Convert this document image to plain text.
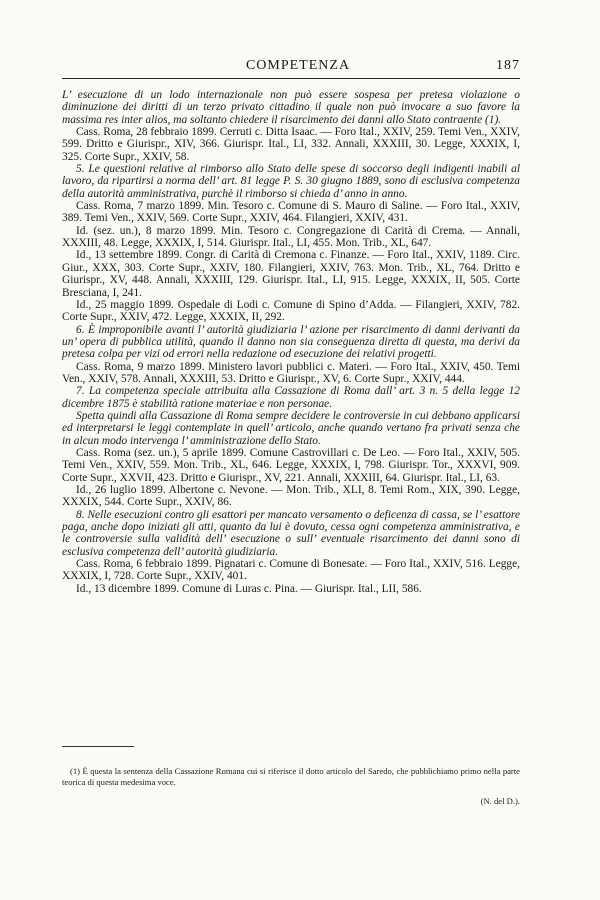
COMPETENZA	187

L’ esecuzione di un lodo internazionale non può essere sospesa per pretesa violazione o diminuzione dei diritti di un terzo privato cittadino il quale non può invocare a suo favore la massima res inter alios, ma soltanto chiedere il risarcimento dei danni allo Stato contraente (1).

Cass. Roma, 28 febbraio 1899. Cerruti c. Ditta Isaac. — Foro Ital., XXIV, 259. Temi Ven., XXIV, 599. Dritto e Giurispr., XIV, 366. Giurispr. Ital., LI, 332. Annali, XXXIII, 30. Legge, XXXIX, I, 325. Corte Supr., XXIV, 58.

5. Le questioni relative al rimborso allo Stato delle spese di soccorso degli indigenti inabili al lavoro, da ripartirsi a norma dell’ art. 81 legge P. S. 30 giugno 1889, sono di esclusiva competenza della autorità amministrativa, purchè il rimborso si chieda d’ anno in anno.

Cass. Roma, 7 marzo 1899. Min. Tesoro c. Comune di S. Mauro di Saline. — Foro Ital., XXIV, 389. Temi Ven., XXIV, 569. Corte Supr., XXIV, 464. Filangieri, XXIV, 431.

Id. (sez. un.), 8 marzo 1899. Min. Tesoro c. Congregazione di Carità di Crema. — Annali, XXXIII, 48. Legge, XXXIX, I, 514. Giurispr. Ital., LI, 455. Mon. Trib., XL, 647.

Id., 13 settembre 1899. Congr. di Carità di Cremona c. Finanze. — Foro Ital., XXIV, 1189. Circ. Giur., XXX, 303. Corte Supr., XXIV, 180. Filangieri, XXIV, 763. Mon. Trib., XL, 764. Dritto e Giurispr., XV, 448. Annali, XXXIII, 129. Giurispr. Ital., LI, 915. Legge, XXXIX, II, 505. Corte Bresciana, I, 241.

Id., 25 maggio 1899. Ospedale di Lodi c. Comune di Spino d’Adda. — Filangieri, XXIV, 782. Corte Supr., XXIV, 472. Legge, XXXIX, II, 292.

6. È improponibile avanti l’ autorità giudiziaria l’ azione per risarcimento di danni derivanti da un’ opera di pubblica utilità, quando il danno non sia conseguenza diretta di questa, ma derivi da pretesa colpa per vizi od errori nella redazione od esecuzione dei relativi progetti.

Cass. Roma, 9 marzo 1899. Ministero lavori pubblici c. Materi. — Foro Ital., XXIV, 450. Temi Ven., XXIV, 578. Annali, XXXIII, 53. Dritto e Giurispr., XV, 6. Corte Supr., XXIV, 444.

7. La competenza speciale attribuita alla Cassazione di Roma dall’ art. 3 n. 5 della legge 12 dicembre 1875 è stabilità ratione materiae e non personae.

Spetta quindi alla Cassazione di Roma sempre decidere le controversie in cui debbano applicarsi ed interpretarsi le leggi contemplate in quell’ articolo, anche quando vertano fra privati senza che in alcun modo intervenga l’ amministrazione dello Stato.

Cass. Roma (sez. un.), 5 aprile 1899. Comune Castrovillari c. De Leo. — Foro Ital., XXIV, 505. Temi Ven., XXIV, 559. Mon. Trib., XL, 646. Legge, XXXIX, I, 798. Giurispr. Tor., XXXVI, 909. Corte Supr., XXVII, 423. Dritto e Giurispr., XV, 221. Annali, XXXIII, 64. Giurispr. Ital., LI, 63.

Id., 26 luglio 1899. Albertone c. Nevone. — Mon. Trib., XLI, 8. Temi Rom., XIX, 390. Legge, XXXIX, 544. Corte Supr., XXIV, 86.

8. Nelle esecuzioni contro gli esattori per mancato versamento o deficenza di cassa, se l’ esattore paga, anche dopo iniziati gli atti, quanto da lui è dovuto, cessa ogni competenza amministrativa, e le controversie sulla validità dell’ esecuzione o sull’ eventuale risarcimento dei danni sono di esclusiva competenza dell’ autorità giudiziaria.

Cass. Roma, 6 febbraio 1899. Pignatari c. Comune di Bonesate. — Foro Ital., XXIV, 516. Legge, XXXIX, I, 728. Corte Supr., XXIV, 401.

Id., 13 dicembre 1899. Comune di Luras c. Pina. — Giurispr. Ital., LII, 586.

(1) È questa la sentenza della Cassazione Romana cui si riferisce il dotto articolo del Saredo, che pubblichiamo primo nella parte teorica di questa medesima voce.

(N. del D.).
